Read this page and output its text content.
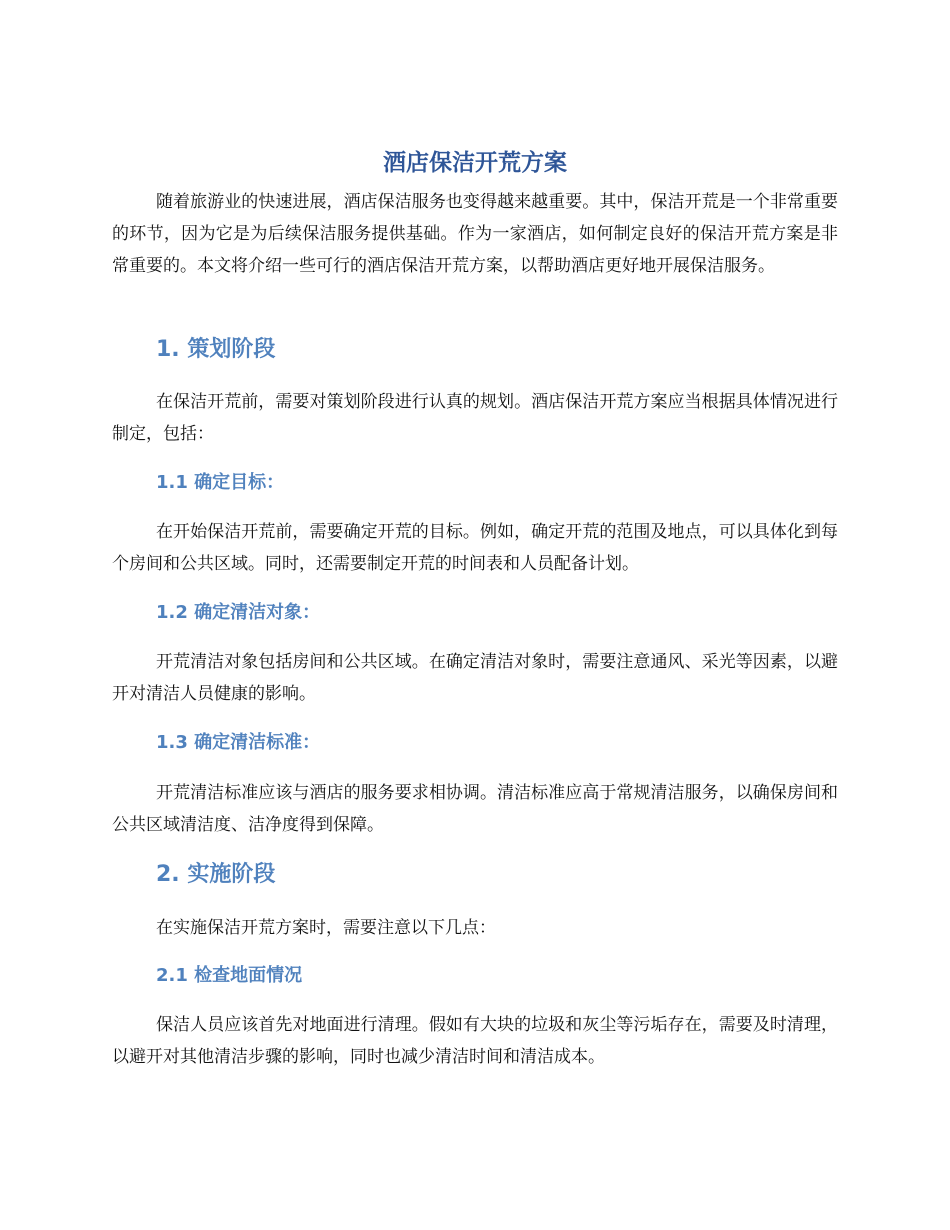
酒店保洁开荒方案

随着旅游业的快速进展，酒店保洁服务也变得越来越重要。其中，保洁开荒是一个非常重要的环节，因为它是为后续保洁服务提供基础。作为一家酒店，如何制定良好的保洁开荒方案是非常重要的。本文将介绍一些可行的酒店保洁开荒方案，以帮助酒店更好地开展保洁服务。

1. 策划阶段

在保洁开荒前，需要对策划阶段进行认真的规划。酒店保洁开荒方案应当根据具体情况进行制定，包括：

1.1 确定目标：

在开始保洁开荒前，需要确定开荒的目标。例如，确定开荒的范围及地点，可以具体化到每个房间和公共区域。同时，还需要制定开荒的时间表和人员配备计划。

1.2 确定清洁对象：

开荒清洁对象包括房间和公共区域。在确定清洁对象时，需要注意通风、采光等因素，以避开对清洁人员健康的影响。

1.3 确定清洁标准：

开荒清洁标准应该与酒店的服务要求相协调。清洁标准应高于常规清洁服务，以确保房间和公共区域清洁度、洁净度得到保障。

2. 实施阶段

在实施保洁开荒方案时，需要注意以下几点：

2.1 检查地面情况

保洁人员应该首先对地面进行清理。假如有大块的垃圾和灰尘等污垢存在，需要及时清理，以避开对其他清洁步骤的影响，同时也减少清洁时间和清洁成本。
